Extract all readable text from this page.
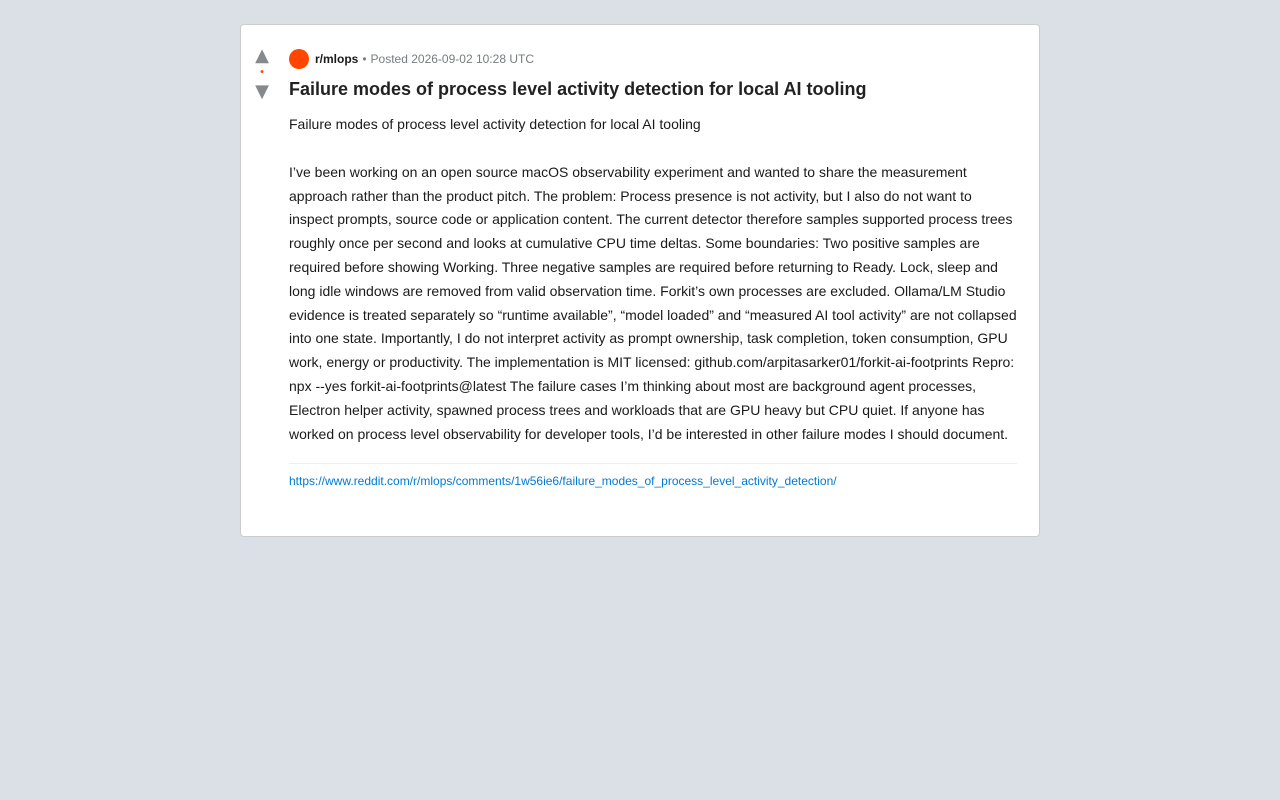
▲
•
▼
r/mlops • Posted 2026-09-02 10:28 UTC
Failure modes of process level activity detection for local AI tooling

Failure modes of process level activity detection for local AI tooling

I’ve been working on an open source macOS observability experiment and wanted to share the measurement approach rather than the product pitch. The problem: Process presence is not activity, but I also do not want to inspect prompts, source code or application content. The current detector therefore samples supported process trees roughly once per second and looks at cumulative CPU time deltas. Some boundaries: Two positive samples are required before showing Working. Three negative samples are required before returning to Ready. Lock, sleep and long idle windows are removed from valid observation time. Forkit’s own processes are excluded. Ollama/LM Studio evidence is treated separately so “runtime available”, “model loaded” and “measured AI tool activity” are not collapsed into one state. Importantly, I do not interpret activity as prompt ownership, task completion, token consumption, GPU work, energy or productivity. The implementation is MIT licensed: github.com/arpitasarker01/forkit-ai-footprints Repro: npx --yes forkit-ai-footprints@latest The failure cases I’m thinking about most are background agent processes, Electron helper activity, spawned process trees and workloads that are GPU heavy but CPU quiet. If anyone has worked on process level observability for developer tools, I’d be interested in other failure modes I should document.

https://www.reddit.com/r/mlops/comments/1w56ie6/failure_modes_of_process_level_activity_detection/
